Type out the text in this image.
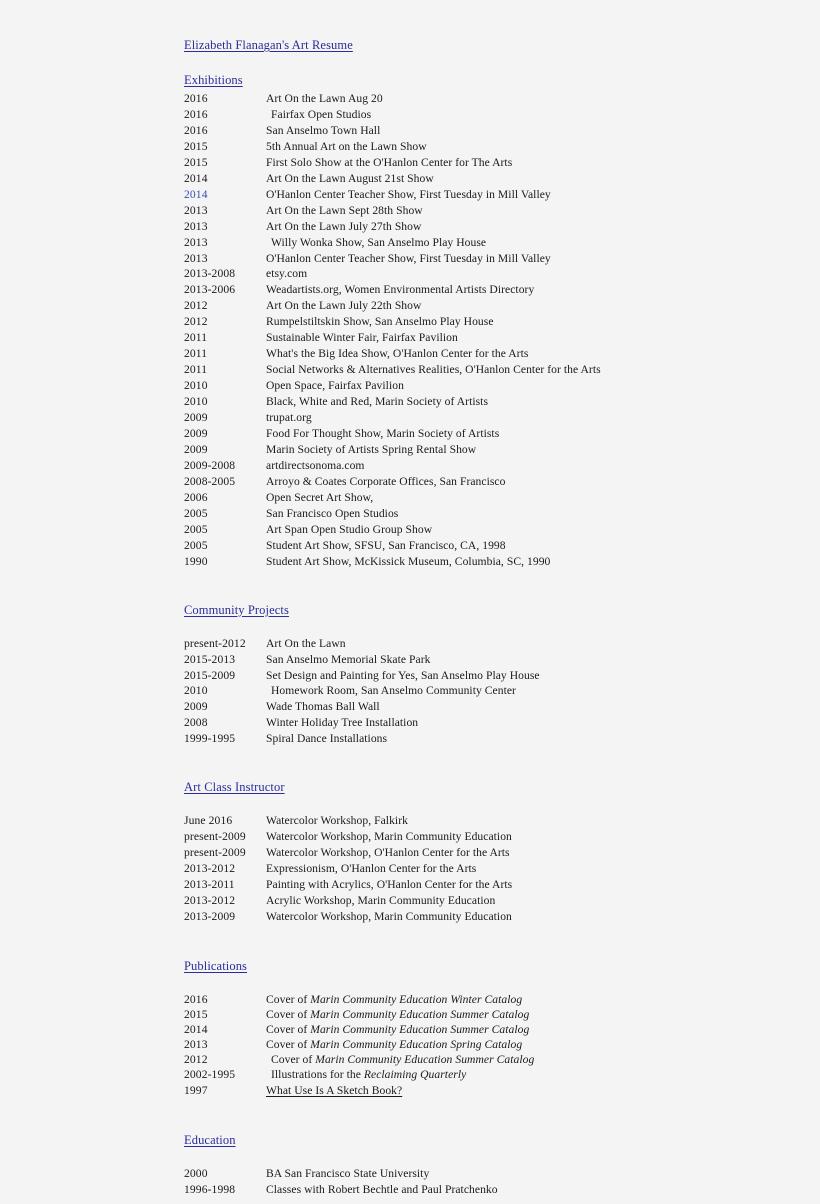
Elizabeth Flanagan's Art Resume
Exhibitions
2016	Art On the Lawn Aug 20
2016	Fairfax Open Studios
2016	San Anselmo Town Hall
2015	5th Annual Art on the Lawn Show
2015	First Solo Show at the O'Hanlon Center for The Arts
2014	Art On the Lawn August 21st Show
2014	O'Hanlon Center Teacher Show, First Tuesday in Mill Valley
2013	Art On the Lawn Sept 28th Show
2013	Art On the Lawn July 27th Show
2013	Willy Wonka Show, San Anselmo Play House
2013	O'Hanlon Center Teacher Show, First Tuesday in Mill Valley
2013-2008	etsy.com
2013-2006	Weadartists.org, Women Environmental Artists Directory
2012	Art On the Lawn July 22th Show
2012	Rumpelstiltskin Show, San Anselmo Play House
2011	Sustainable Winter Fair, Fairfax Pavilion
2011	What's the Big Idea Show, O'Hanlon Center for the Arts
2011	Social Networks & Alternatives Realities, O'Hanlon Center for the Arts
2010	Open Space, Fairfax Pavilion
2010	Black, White and Red, Marin Society of Artists
2009	trupat.org
2009	Food For Thought Show, Marin Society of Artists
2009	Marin Society of Artists Spring Rental Show
2009-2008	artdirectsonoma.com
2008-2005	Arroyo & Coates Corporate Offices, San Francisco
2006	Open Secret Art Show,
2005	San Francisco Open Studios
2005	Art Span Open Studio Group Show
2005	Student Art Show, SFSU, San Francisco, CA, 1998
1990	Student Art Show, McKissick Museum, Columbia, SC, 1990
Community Projects
present-2012	Art On the Lawn
2015-2013	San Anselmo Memorial Skate Park
2015-2009	Set Design and Painting for Yes, San Anselmo Play House
2010	Homework Room, San Anselmo Community Center
2009	Wade Thomas Ball Wall
2008	Winter Holiday Tree Installation
1999-1995	Spiral Dance Installations
Art Class Instructor
June 2016	Watercolor Workshop, Falkirk
present-2009	Watercolor Workshop, Marin Community Education
present-2009	Watercolor Workshop, O'Hanlon Center for the Arts
2013-2012	Expressionism, O'Hanlon Center for the Arts
2013-2011	Painting with Acrylics, O'Hanlon Center for the Arts
2013-2012	Acrylic Workshop, Marin Community Education
2013-2009	Watercolor Workshop, Marin Community Education
Publications
2016	Cover of Marin Community Education Winter Catalog
2015	Cover of Marin Community Education Summer Catalog
2014	Cover of Marin Community Education Summer Catalog
2013	Cover of Marin Community Education Spring Catalog
2012	Cover of Marin Community Education Summer Catalog
2002-1995	Illustrations for the Reclaiming Quarterly
1997	What Use Is A Sketch Book?
Education
2000	BA San Francisco State University
1996-1998	Classes with Robert Bechtle and Paul Pratchenko
